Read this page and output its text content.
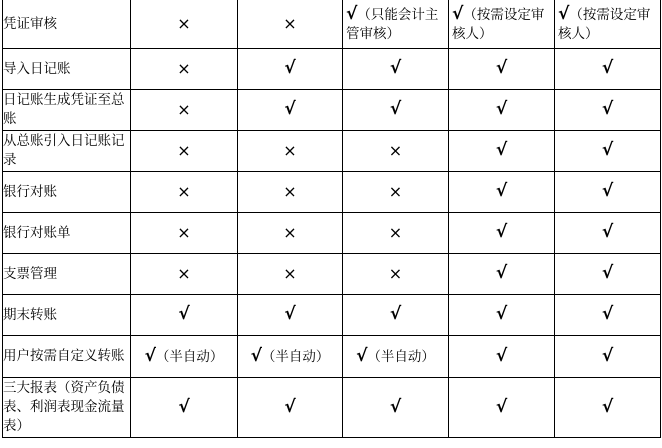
凭证审核	×	×	√（只能会计主管审核）	√（按需设定审核人）	√（按需设定审核人）
导入日记账	×	√	√	√	√
日记账生成凭证至总账	×	√	√	√	√
从总账引入日记账记录	×	×	×	√	√
银行对账	×	×	×	√	√
银行对账单	×	×	×	√	√
支票管理	×	×	×	√	√
期末转账	√	√	√	√	√
用户按需自定义转账	√（半自动）	√（半自动）	√（半自动）	√	√
三大报表（资产负债表、利润表现金流量表）	√	√	√	√	√
